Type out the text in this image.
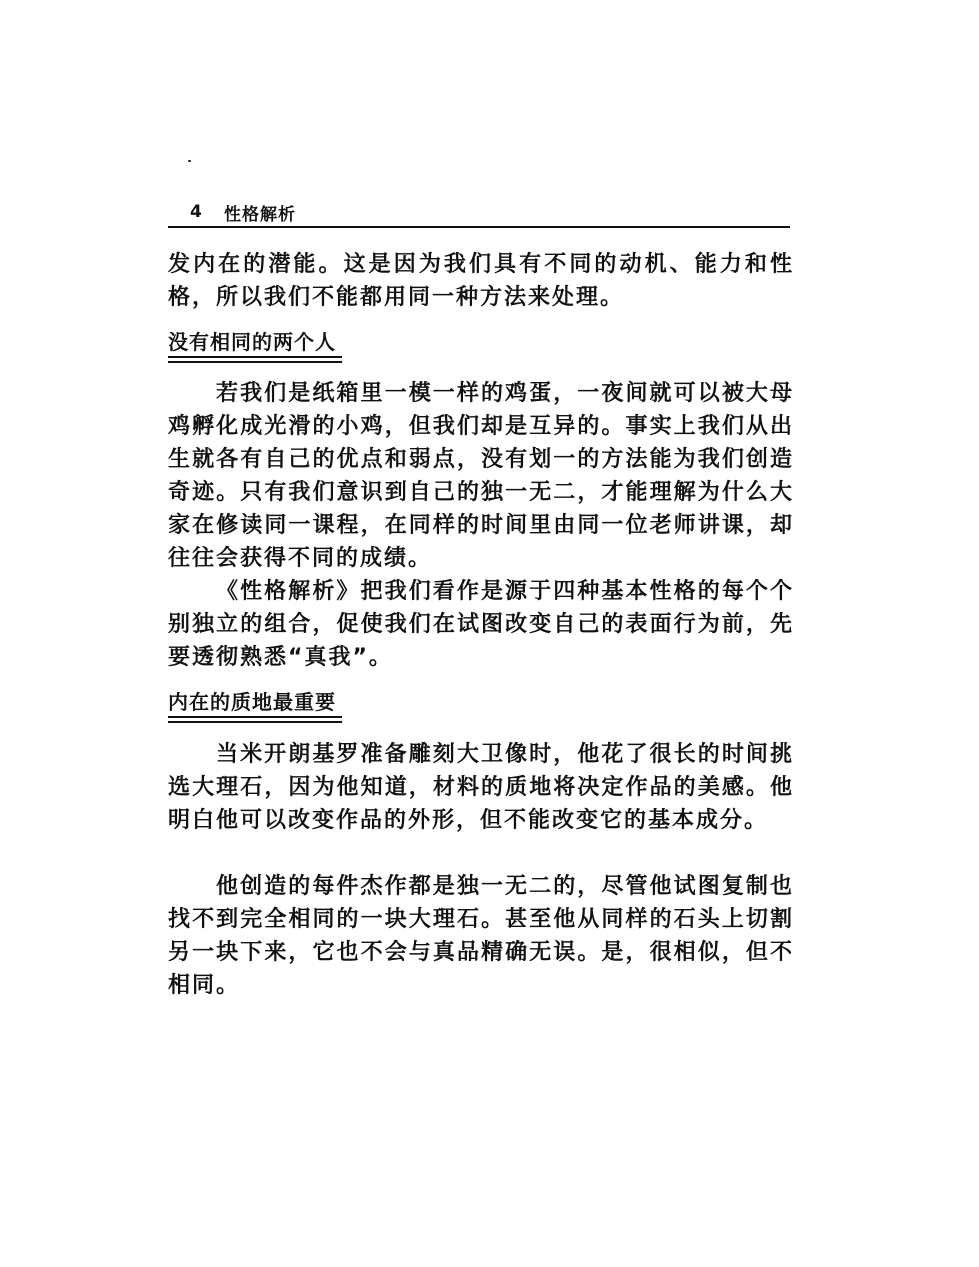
4 性格解析

发内在的潜能。这是因为我们具有不同的动机、能力和性格，所以我们不能都用同一种方法来处理。

没有相同的两个人

若我们是纸箱里一模一样的鸡蛋，一夜间就可以被大母鸡孵化成光滑的小鸡，但我们却是互异的。事实上我们从出生就各有自己的优点和弱点，没有划一的方法能为我们创造奇迹。只有我们意识到自己的独一无二，才能理解为什么大家在修读同一课程，在同样的时间里由同一位老师讲课，却往往会获得不同的成绩。

《性格解析》把我们看作是源于四种基本性格的每个个别独立的组合，促使我们在试图改变自己的表面行为前，先要透彻熟悉“真我”。

内在的质地最重要

当米开朗基罗准备雕刻大卫像时，他花了很长的时间挑选大理石，因为他知道，材料的质地将决定作品的美感。他明白他可以改变作品的外形，但不能改变它的基本成分。

他创造的每件杰作都是独一无二的，尽管他试图复制也找不到完全相同的一块大理石。甚至他从同样的石头上切割另一块下来，它也不会与真品精确无误。是，很相似，但不相同。
